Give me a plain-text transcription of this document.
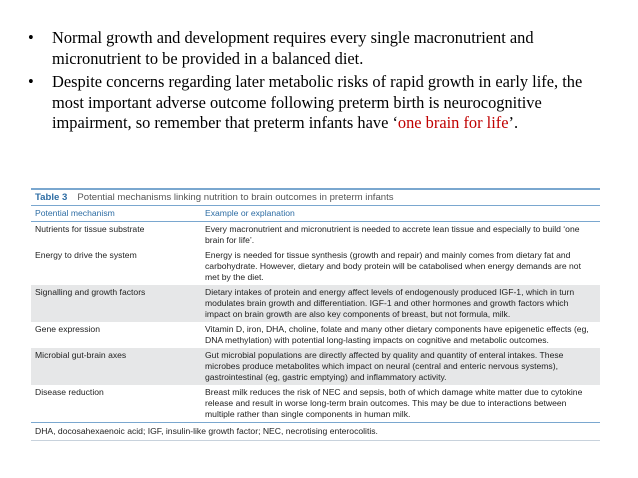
• Normal growth and development requires every single macronutrient and micronutrient to be provided in a balanced diet.
• Despite concerns regarding later metabolic risks of rapid growth in early life, the most important adverse outcome following preterm birth is neurocognitive impairment, so remember that preterm infants have ‘one brain for life’.
Table 3 Potential mechanisms linking nutrition to brain outcomes in preterm infants
Potential mechanism	Example or explanation
Nutrients for tissue substrate	Every macronutrient and micronutrient is needed to accrete lean tissue and especially to build ‘one brain for life’.
Energy to drive the system	Energy is needed for tissue synthesis (growth and repair) and mainly comes from dietary fat and carbohydrate. However, dietary and body protein will be catabolised when energy demands are not met by the diet.
Signalling and growth factors	Dietary intakes of protein and energy affect levels of endogenously produced IGF-1, which in turn modulates brain growth and differentiation. IGF-1 and other hormones and growth factors which impact on brain growth are also key components of breast, but not formula, milk.
Gene expression	Vitamin D, iron, DHA, choline, folate and many other dietary components have epigenetic effects (eg, DNA methylation) with potential long-lasting impacts on cognitive and metabolic outcomes.
Microbial gut-brain axes	Gut microbial populations are directly affected by quality and quantity of enteral intakes. These microbes produce metabolites which impact on neural (central and enteric nervous systems), gastrointestinal (eg, gastric emptying) and inflammatory activity.
Disease reduction	Breast milk reduces the risk of NEC and sepsis, both of which damage white matter due to cytokine release and result in worse long-term brain outcomes. This may be due to interactions between multiple rather than single components in human milk.
DHA, docosahexaenoic acid; IGF, insulin-like growth factor; NEC, necrotising enterocolitis.
